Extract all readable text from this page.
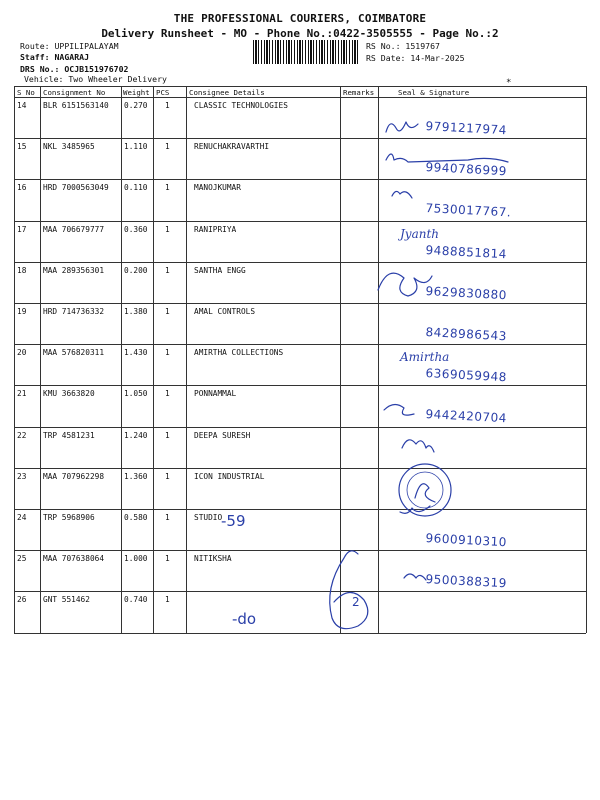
THE PROFESSIONAL COURIERS, COIMBATORE
Delivery Runsheet - MO - Phone No.:0422-3505555 - Page No.:2
Route: UPPILIPALAYAM
Staff: NAGARAJ
DRS No.: OCJB151976702
Vehicle: Two Wheeler Delivery
RS No.: 1519767
RS Date: 14-Mar-2025
S No Consignment No Weight PCS	Consignee Details	Remarks	Seal & Signature
14 BLR 6151563140 0.270 1	CLASSIC TECHNOLOGIES
9791217974
15 NKL 3485965	1.110 1	RENUCHAKRAVARTHI
9940786999
16 HRD 7000563049 0.110 1	MANOJKUMAR
7530017767.
17 MAA 706679777	0.360 1	RANIPRIYA	Jyanth
9488851814
18 MAA 289356301	0.200 1	SANTHA ENGG
9629830880
19 HRD 714736332	1.380 1	AMAL CONTROLS
8428986543
20 MAA 576820311	1.430 1	AMIRTHA COLLECTIONS	Amirtha
6369059948
21 KMU 3663820	1.050 1	PONNAMMAL
9442420704
22 TRP 4581231	1.240 1	DEEPA SURESH
23 MAA 707962298	1.360 1	ICON INDUSTRIAL
24 TRP 5968906	0.580 1	STUDIO
9600910310
25 MAA 707638064	1.000 1	NITIKSHA
9500388319
26 GNT 551462	0.740 1
*
-59
-do
2
